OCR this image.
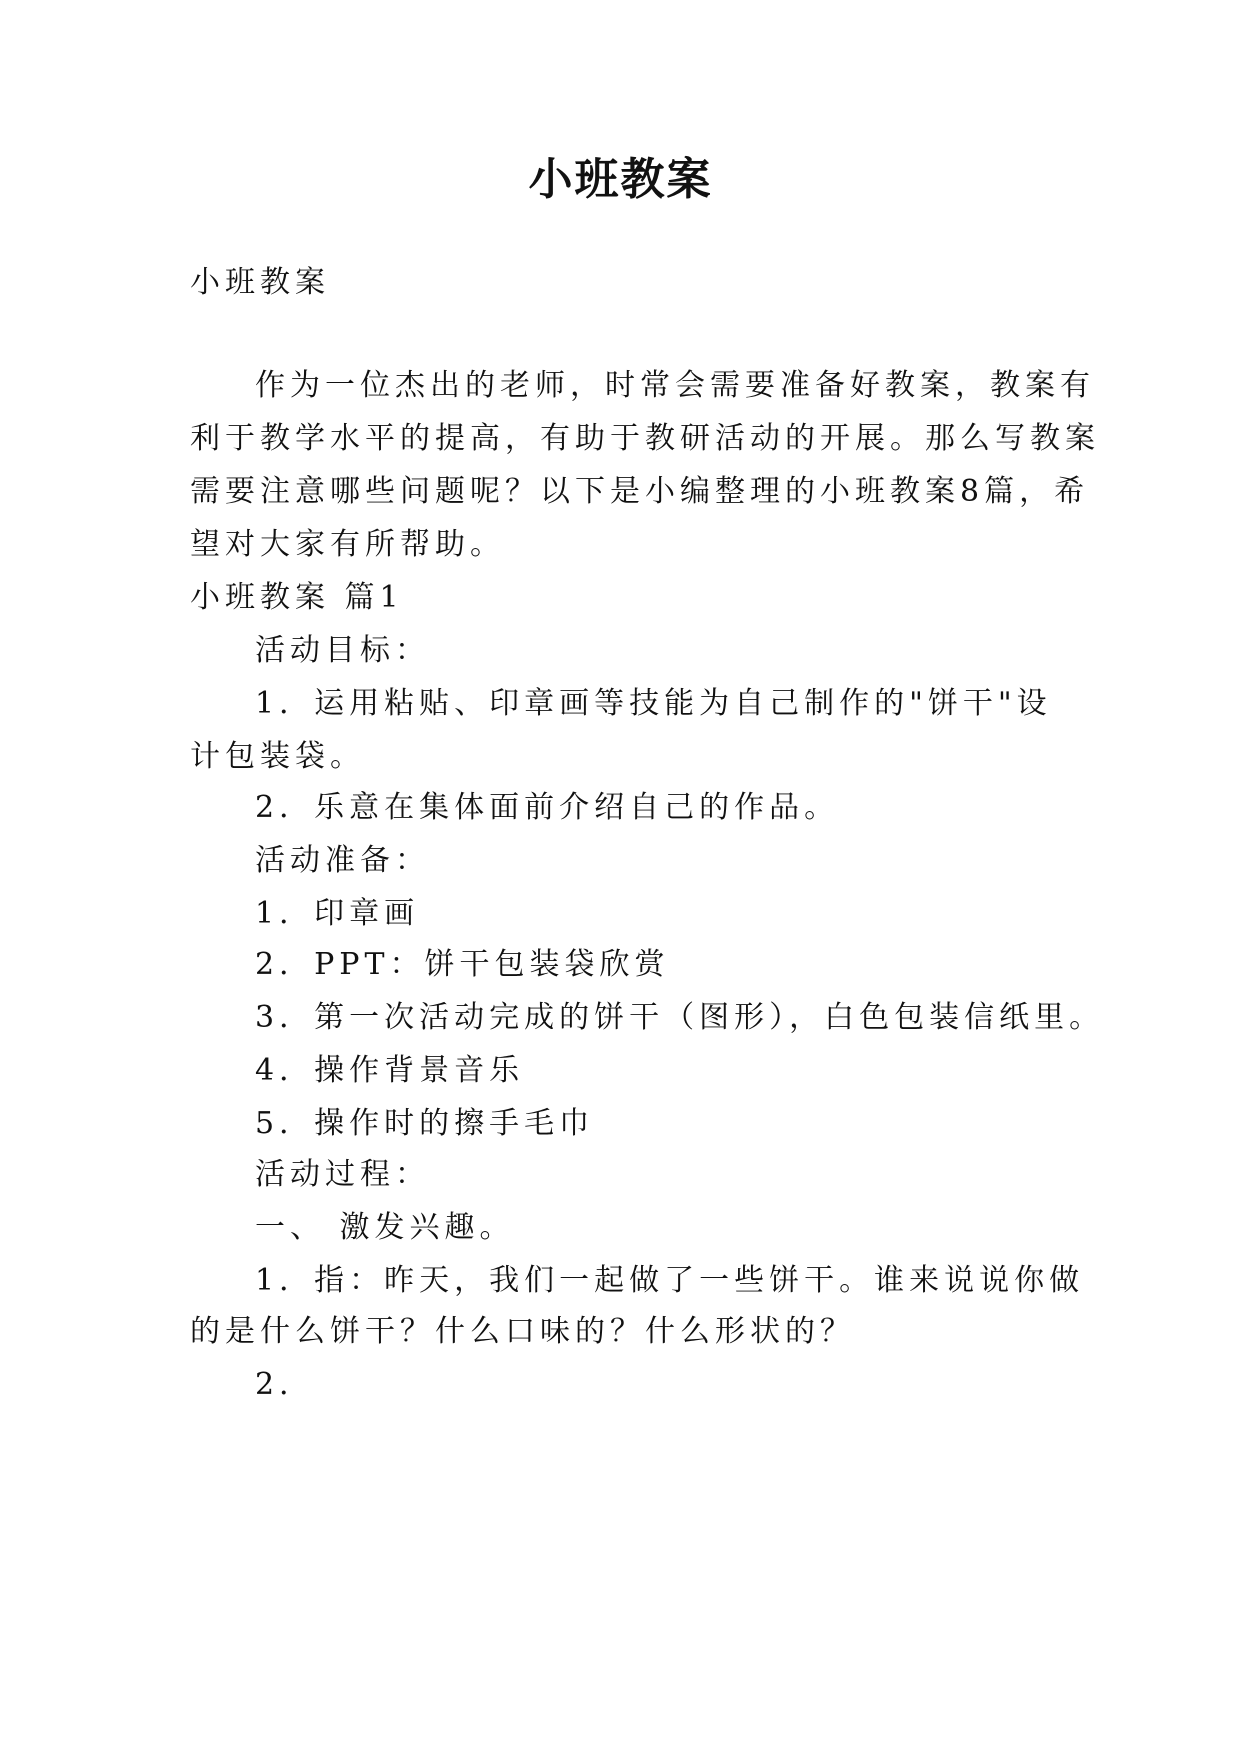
小班教案
小班教案
作为一位杰出的老师，时常会需要准备好教案，教案有
利于教学水平的提高，有助于教研活动的开展。那么写教案
需要注意哪些问题呢？以下是小编整理的小班教案8篇，希
望对大家有所帮助。
小班教案 篇1
活动目标：
1．运用粘贴、印章画等技能为自己制作的"饼干"设
计包装袋。
2．乐意在集体面前介绍自己的作品。
活动准备：
1．印章画
2．PPT：饼干包装袋欣赏
3．第一次活动完成的饼干（图形），白色包装信纸里。
4．操作背景音乐
5．操作时的擦手毛巾
活动过程：
一、 激发兴趣。
1．指：昨天，我们一起做了一些饼干。谁来说说你做
的是什么饼干？什么口味的？什么形状的？
2．
